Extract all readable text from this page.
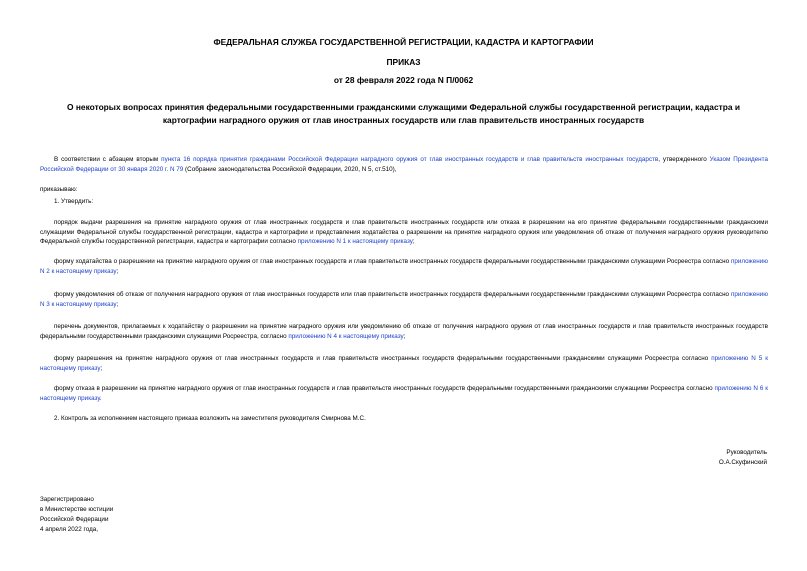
ФЕДЕРАЛЬНАЯ СЛУЖБА ГОСУДАРСТВЕННОЙ РЕГИСТРАЦИИ, КАДАСТРА И КАРТОГРАФИИ
ПРИКАЗ
от 28 февраля 2022 года N П/0062
О некоторых вопросах принятия федеральными государственными гражданскими служащими Федеральной службы государственной регистрации, кадастра и картографии наградного оружия от глав иностранных государств или глав правительств иностранных государств
В соответствии с абзацем вторым пункта 16 порядка принятия гражданами Российской Федерации наградного оружия от глав иностранных государств и глав правительств иностранных государств, утвержденного Указом Президента Российской Федерации от 30 января 2020 г. N 79 (Собрание законодательства Российской Федерации, 2020, N 5, ст.510),
приказываю:
1. Утвердить:
порядок выдачи разрешения на принятие наградного оружия от глав иностранных государств и глав правительств иностранных государств или отказа в разрешении на его принятие федеральными государственными гражданскими служащими Федеральной службы государственной регистрации, кадастра и картографии и представления ходатайства о разрешении на принятие наградного оружия или уведомления об отказе от получения наградного оружия руководителю Федеральной службы государственной регистрации, кадастра и картографии согласно приложению N 1 к настоящему приказу;
форму ходатайства о разрешении на принятие наградного оружия от глав иностранных государств и глав правительств иностранных государств федеральными государственными гражданскими служащими Росреестра согласно приложению N 2 к настоящему приказу;
форму уведомления об отказе от получения наградного оружия от глав иностранных государств или глав правительств иностранных государств федеральными государственными гражданскими служащими Росреестра согласно приложению N 3 к настоящему приказу;
перечень документов, прилагаемых к ходатайству о разрешении на принятие наградного оружия или уведомлению об отказе от получения наградного оружия от глав иностранных государств и глав правительств иностранных государств федеральными государственными гражданскими служащими Росреестра, согласно приложению N 4 к настоящему приказу;
форму разрешения на принятие наградного оружия от глав иностранных государств и глав правительств иностранных государств федеральными государственными гражданскими служащими Росреестра согласно приложению N 5 к настоящему приказу;
форму отказа в разрешении на принятие наградного оружия от глав иностранных государств и глав правительств иностранных государств федеральными государственными гражданскими служащими Росреестра согласно приложению N 6 к настоящему приказу.
2. Контроль за исполнением настоящего приказа возложить на заместителя руководителя Смирнова М.С.
Руководитель
О.А.Скуфинский
Зарегистрировано
в Министерстве юстиции
Российской Федерации
4 апреля 2022 года,
